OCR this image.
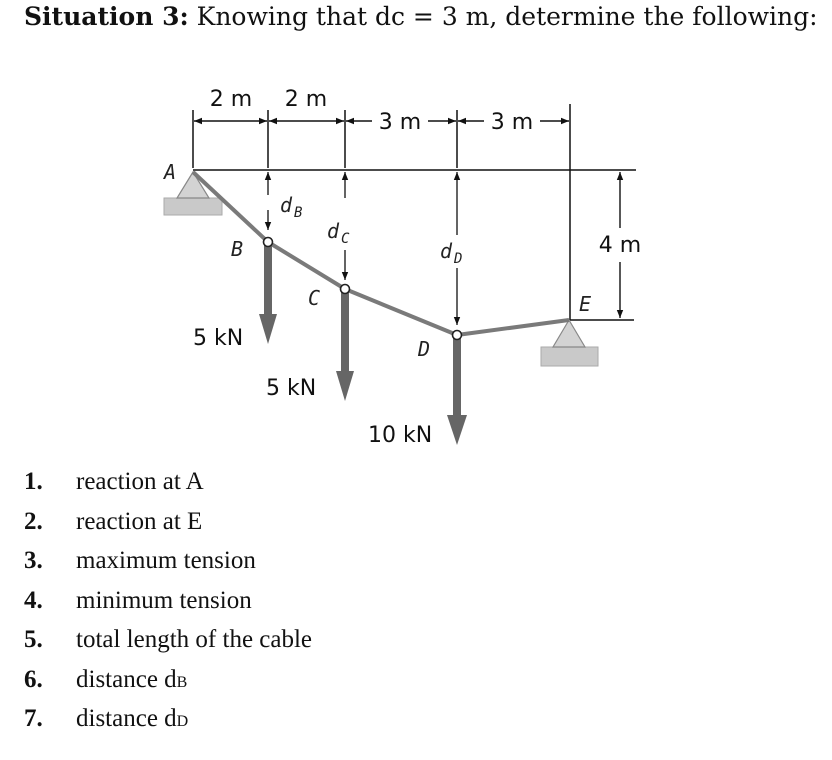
Situation 3: Knowing that dc = 3 m, determine the following:
2 m 2 m
3 m	3 m
4 m
d $_B$
d $_C$	d $_D$
A
B
C
D
E
5 kN
5 kN
10 kN
1. reaction at A
2. reaction at E
3. maximum tension
4. minimum tension
5. total length of the cable
6. distance dB
7. distance dD
